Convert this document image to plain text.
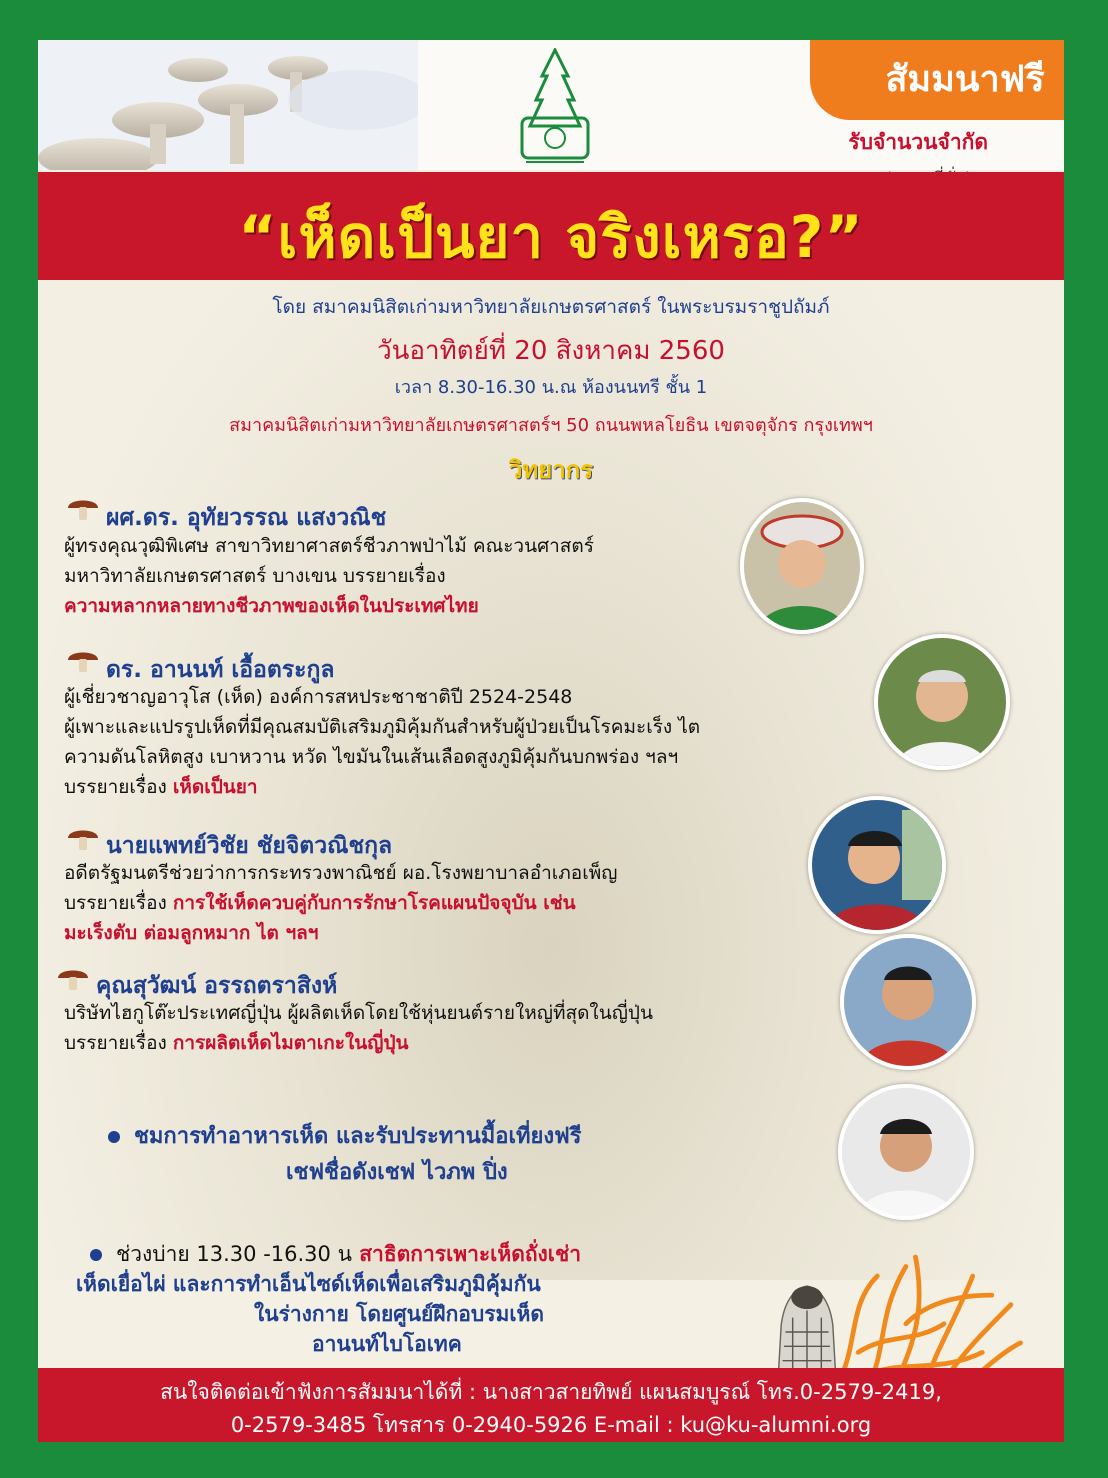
สัมมนาฟรี
รับจำนวนจำกัด
“เห็ดเป็นยา จริงเหรอ?”
โดย สมาคมนิสิตเก่ามหาวิทยาลัยเกษตรศาสตร์ ในพระบรมราชูปถัมภ์
วันอาทิตย์ที่ 20 สิงหาคม 2560
เวลา 8.30-16.30 น.ณ ห้องนนทรี ชั้น 1
สมาคมนิสิตเก่ามหาวิทยาลัยเกษตรศาสตร์ฯ 50 ถนนพหลโยธิน เขตจตุจักร กรุงเทพฯ
วิทยากร
ผศ.ดร. อุทัยวรรณ แสงวณิช
ผู้ทรงคุณวุฒิพิเศษ สาขาวิทยาศาสตร์ชีวภาพป่าไม้ คณะวนศาสตร์
มหาวิทาลัยเกษตรศาสตร์ บางเขน บรรยายเรื่อง
ความหลากหลายทางชีวภาพของเห็ดในประเทศไทย
ดร. อานนท์ เอื้อตระกูล
ผู้เชี่ยวชาญอาวุโส (เห็ด) องค์การสหประชาชาติปี 2524-2548
ผู้เพาะและแปรรูปเห็ดที่มีคุณสมบัติเสริมภูมิคุ้มกันสำหรับผู้ป่วยเป็นโรคมะเร็ง ไต
ความดันโลหิตสูง เบาหวาน หวัด ไขมันในเส้นเลือดสูงภูมิคุ้มกันบกพร่อง ฯลฯ
บรรยายเรื่อง เห็ดเป็นยา
นายแพทย์วิชัย ชัยจิตวณิชกุล
อดีตรัฐมนตรีช่วยว่าการกระทรวงพาณิชย์ ผอ.โรงพยาบาลอำเภอเพ็ญ
บรรยายเรื่อง การใช้เห็ดควบคู่กับการรักษาโรคแผนปัจจุบัน เช่น
มะเร็งตับ ต่อมลูกหมาก ไต ฯลฯ
คุณสุวัฒน์ อรรถตราสิงห์
บริษัทไฮกูโต๊ะประเทศญี่ปุ่น ผู้ผลิตเห็ดโดยใช้หุ่นยนต์รายใหญ่ที่สุดในญี่ปุ่น
บรรยายเรื่อง การผลิตเห็ดไมตาเกะในญี่ปุ่น
ชมการทำอาหารเห็ด และรับประทานมื้อเที่ยงฟรี
เชฟชื่อดังเชฟ ไวภพ ปิ่ง
ช่วงบ่าย 13.30 -16.30 น สาธิตการเพาะเห็ดถั่งเช่า
เห็ดเยื่อไผ่ และการทำเอ็นไซด์เห็ดเพื่อเสริมภูมิคุ้มกัน
ในร่างกาย โดยศูนย์ฝึกอบรมเห็ด
อานนท์ไบโอเทค
สนใจติดต่อเข้าฟังการสัมมนาได้ที่ : นางสาวสายทิพย์ แผนสมบูรณ์ โทร.0-2579-2419,
0-2579-3485 โทรสาร 0-2940-5926 E-mail : ku@ku-alumni.org
